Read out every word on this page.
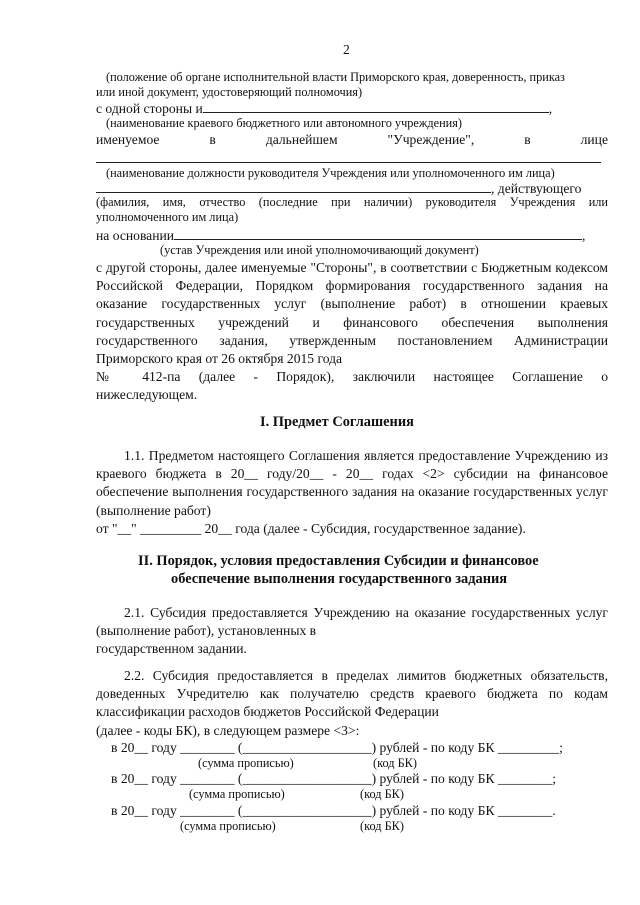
2
(положение об органе исполнительной власти Приморского края, доверенность, приказ
или иной документ, удостоверяющий полномочия)
с одной стороны и	,
(наименование краевого бюджетного или автономного учреждения)
именуемое в дальнейшем "Учреждение", в лице
(наименование должности руководителя Учреждения или уполномоченного им лица)
, действующего
(фамилия, имя, отчество (последние при наличии) руководителя Учреждения или
уполномоченного им лица)
на основании	,
(устав Учреждения или иной уполномочивающий документ)
с другой стороны, далее именуемые "Стороны", в соответствии с Бюджетным кодексом Российской Федерации, Порядком формирования государственного задания на оказание государственных услуг (выполнение работ) в отношении краевых государственных учреждений и финансового обеспечения выполнения государственного задания, утвержденным постановлением Администрации Приморского края от 26 октября 2015 года
№ 412-па (далее - Порядок), заключили настоящее Соглашение о
нижеследующем.
I. Предмет Соглашения
1.1. Предметом настоящего Соглашения является предоставление Учреждению из краевого бюджета в 20__ году/20__ - 20__ годах <2> субсидии на финансовое обеспечение выполнения государственного задания на оказание государственных услуг (выполнение работ)
от "__" _________ 20__ года (далее - Субсидия, государственное задание).
II. Порядок, условия предоставления Субсидии и финансовое
обеспечение выполнения государственного задания
2.1. Субсидия предоставляется Учреждению на оказание государственных услуг (выполнение работ), установленных в
государственном задании.
2.2. Субсидия предоставляется в пределах лимитов бюджетных обязательств, доведенных Учредителю как получателю средств краевого бюджета по кодам классификации расходов бюджетов Российской Федерации
(далее - коды БК), в следующем размере <3>:
в 20__ году ________ (___________________) рублей - по коду БК _________;
(сумма прописью)	(код БК)
в 20__ году ________ (___________________) рублей - по коду БК ________;
(сумма прописью)	(код БК)
в 20__ году ________ (___________________) рублей - по коду БК ________.
(сумма прописью)	(код БК)
